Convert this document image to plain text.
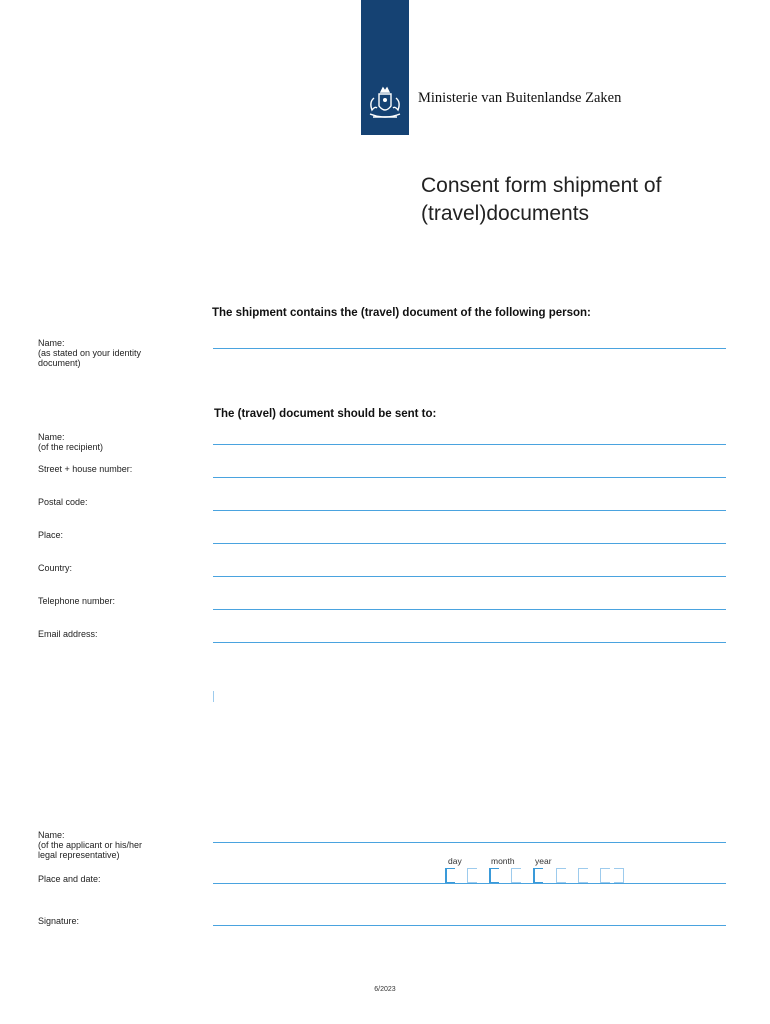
Ministerie van Buitenlandse Zaken
Consent form shipment of
(travel)documents
The shipment contains the (travel) document of the following person:
Name:
(as stated on your identity
document)
The (travel) document should be sent to:
Name:
(of the recipient)
Street + house number:
Postal code:
Place:
Country:
Telephone number:
Email address:
Name:
(of the applicant or his/her
legal representative)
day	month year
Place and date:
Signature:
6/2023
